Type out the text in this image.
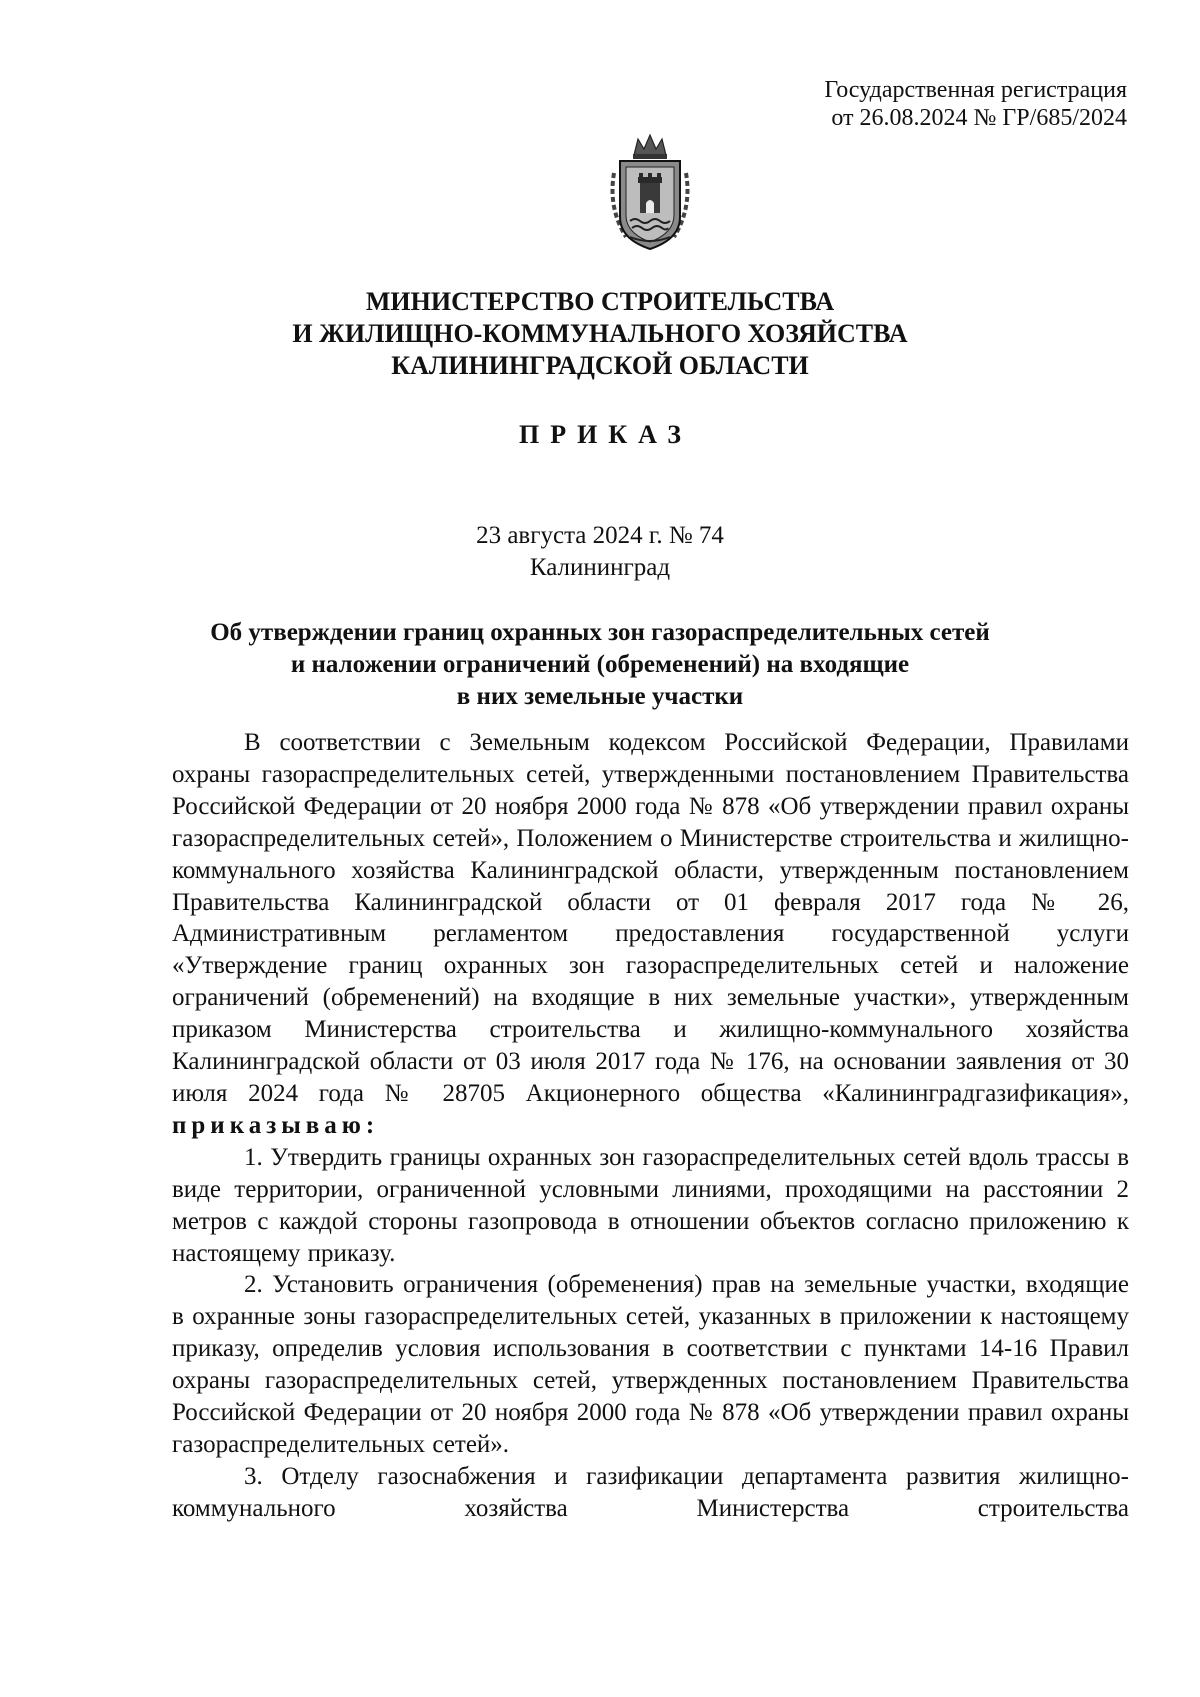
Государственная регистрация
от 26.08.2024 № ГР/685/2024
МИНИСТЕРСТВО СТРОИТЕЛЬСТВА
И ЖИЛИЩНО-КОММУНАЛЬНОГО ХОЗЯЙСТВА
КАЛИНИНГРАДСКОЙ ОБЛАСТИ
ПРИКАЗ
23 августа 2024 г. № 74
Калининград
Об утверждении границ охранных зон газораспределительных сетей
и наложении ограничений (обременений) на входящие
в них земельные участки

В соответствии с Земельным кодексом Российской Федерации, Правилами охраны газораспределительных сетей, утвержденными постановлением Правительства Российской Федерации от 20 ноября 2000 года № 878 «Об утверждении правил охраны газораспределительных сетей», Положением о Министерстве строительства и жилищно-коммунального хозяйства Калининградской области, утвержденным постановлением Правительства Калининградской области от 01 февраля 2017 года № 26, Административным регламентом предоставления государственной услуги «Утверждение границ охранных зон газораспределительных сетей и наложение ограничений (обременений) на входящие в них земельные участки», утвержденным приказом Министерства строительства и жилищно-коммунального хозяйства Калининградской области от 03 июля 2017 года № 176, на основании заявления от 30 июля 2024 года № 28705 Акционерного общества «Калининградгазификация», приказываю:

1. Утвердить границы охранных зон газораспределительных сетей вдоль трассы в виде территории, ограниченной условными линиями, проходящими на расстоянии 2 метров с каждой стороны газопровода в отношении объектов согласно приложению к настоящему приказу.

2. Установить ограничения (обременения) прав на земельные участки, входящие в охранные зоны газораспределительных сетей, указанных в приложении к настоящему приказу, определив условия использования в соответствии с пунктами 14-16 Правил охраны газораспределительных сетей, утвержденных постановлением Правительства Российской Федерации от 20 ноября 2000 года № 878 «Об утверждении правил охраны газораспределительных сетей».

3. Отделу газоснабжения и газификации департамента развития жилищно-коммунального хозяйства Министерства строительства
